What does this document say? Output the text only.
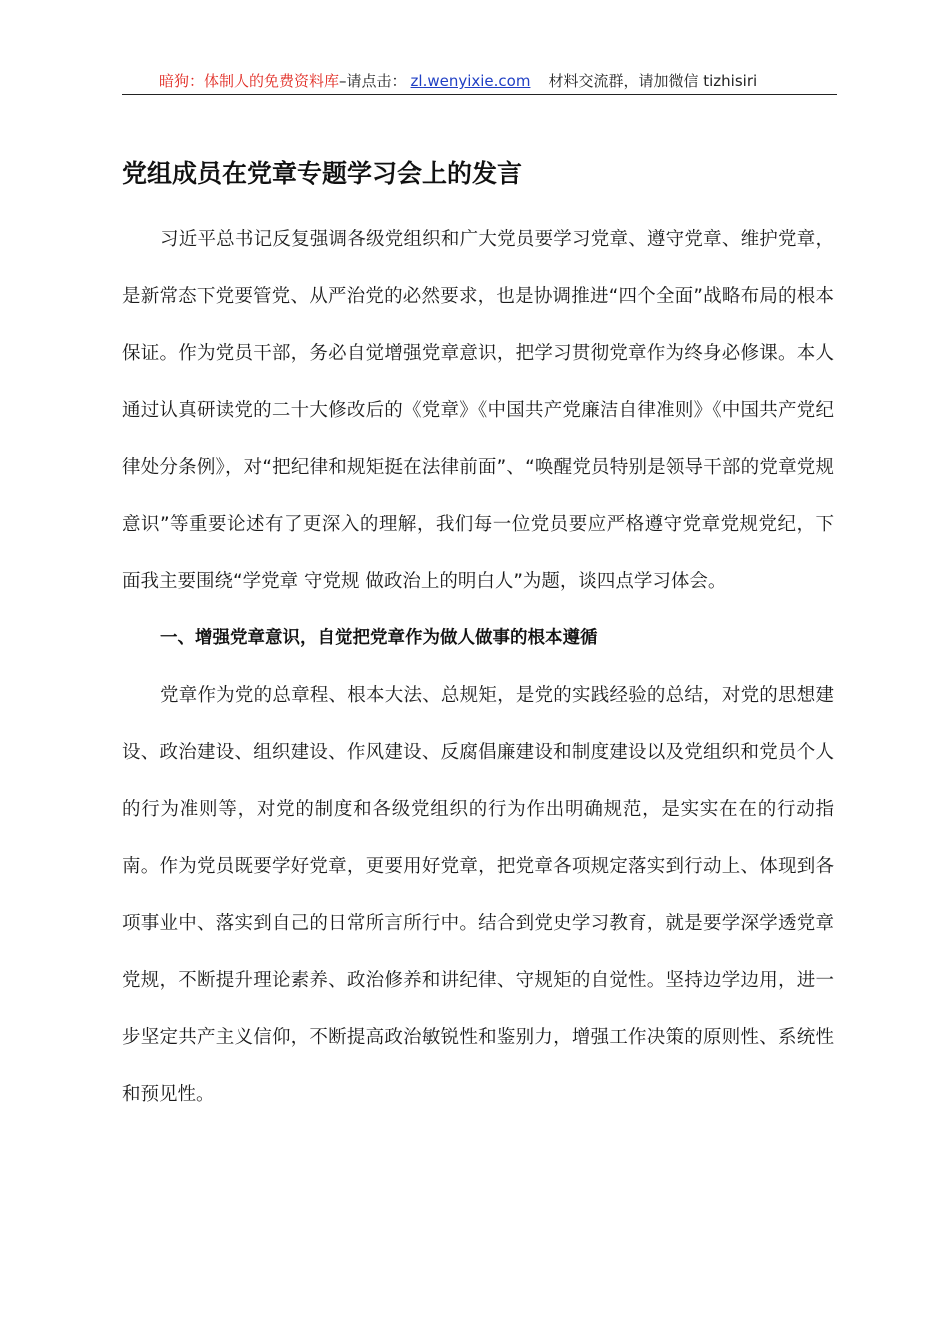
暗狗：体制人的免费资料库–请点击： zl.wenyixie.com 材料交流群，请加微信 tizhisiri
党组成员在党章专题学习会上的发言

习近平总书记反复强调各级党组织和广大党员要学习党章、遵守党章、维护党章，是新常态下党要管党、从严治党的必然要求，也是协调推进“四个全面”战略布局的根本保证。作为党员干部，务必自觉增强党章意识，把学习贯彻党章作为终身必修课。本人通过认真研读党的二十大修改后的《党章》《中国共产党廉洁自律准则》《中国共产党纪律处分条例》，对“把纪律和规矩挺在法律前面”、“唤醒党员特别是领导干部的党章党规意识”等重要论述有了更深入的理解，我们每一位党员要应严格遵守党章党规党纪，下面我主要围绕“学党章 守党规 做政治上的明白人”为题，谈四点学习体会。

一、增强党章意识，自觉把党章作为做人做事的根本遵循

党章作为党的总章程、根本大法、总规矩，是党的实践经验的总结，对党的思想建设、政治建设、组织建设、作风建设、反腐倡廉建设和制度建设以及党组织和党员个人的行为准则等，对党的制度和各级党组织的行为作出明确规范，是实实在在的行动指南。作为党员既要学好党章，更要用好党章，把党章各项规定落实到行动上、体现到各项事业中、落实到自己的日常所言所行中。结合到党史学习教育，就是要学深学透党章党规，不断提升理论素养、政治修养和讲纪律、守规矩的自觉性。坚持边学边用，进一步坚定共产主义信仰，不断提高政治敏锐性和鉴别力，增强工作决策的原则性、系统性和预见性。
